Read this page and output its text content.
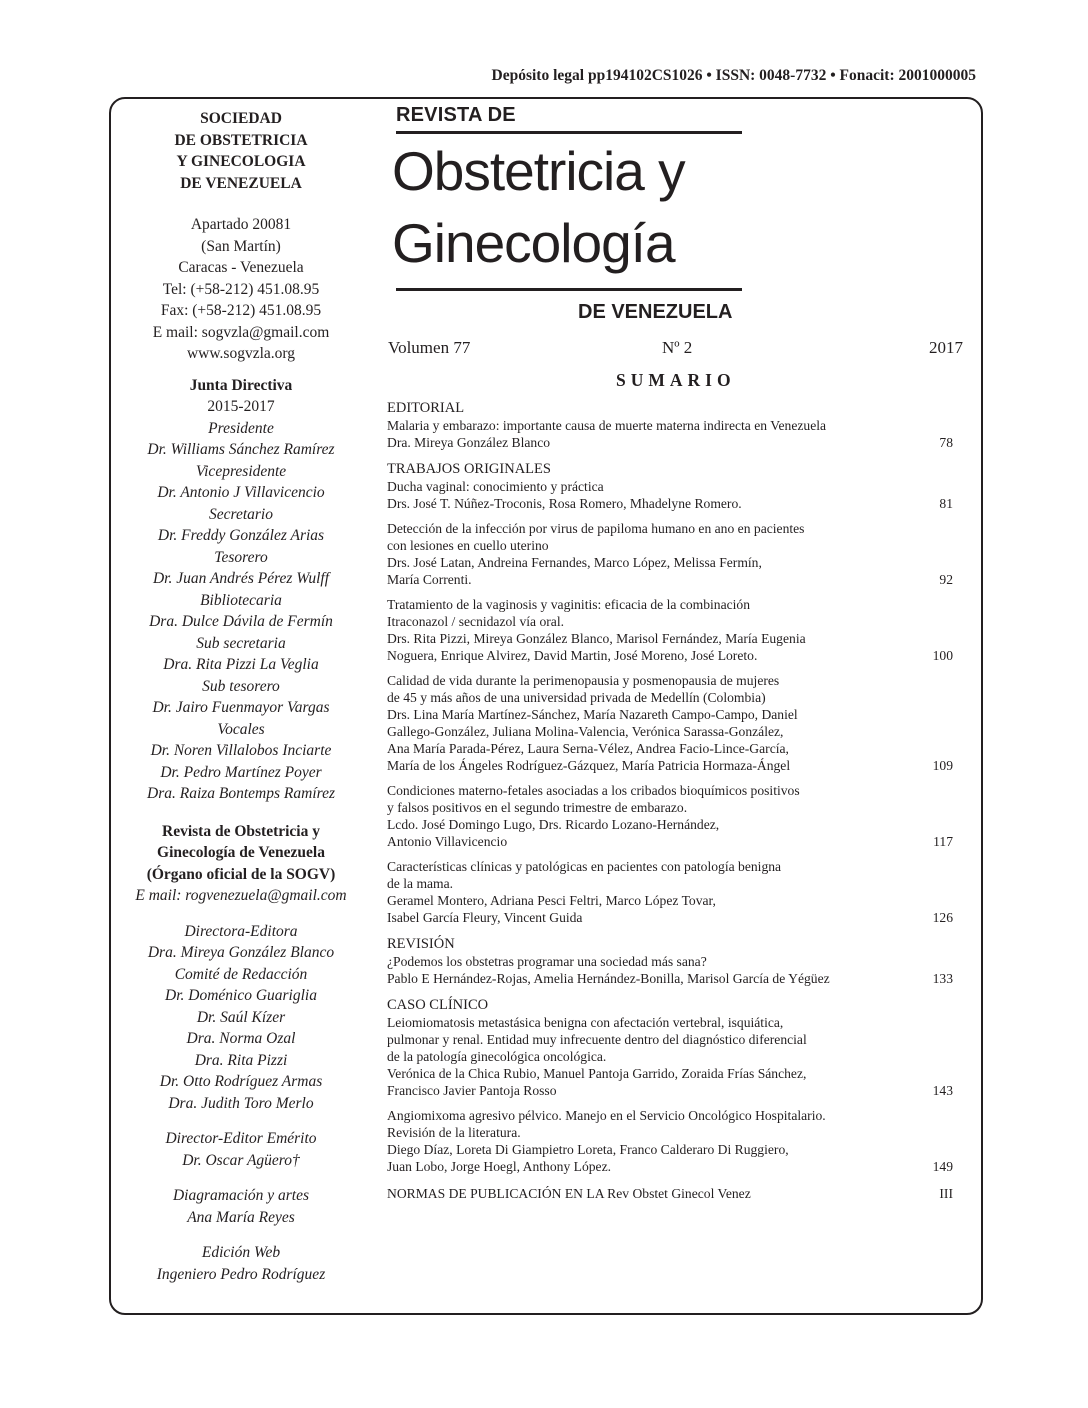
Depósito legal pp194102CS1026 • ISSN: 0048-7732 • Fonacit: 2001000005
SOCIEDAD
DE OBSTETRICIA
Y GINECOLOGIA
DE VENEZUELA
Apartado 20081
(San Martín)
Caracas - Venezuela
Tel: (+58-212) 451.08.95
Fax: (+58-212) 451.08.95
E mail: sogvzla@gmail.com
www.sogvzla.org
Junta Directiva
2015-2017
Presidente
Dr. Williams Sánchez Ramírez
Vicepresidente
Dr. Antonio J Villavicencio
Secretario
Dr. Freddy González Arias
Tesorero
Dr. Juan Andrés Pérez Wulff
Bibliotecaria
Dra. Dulce Dávila de Fermín
Sub secretaria
Dra. Rita Pizzi La Veglia
Sub tesorero
Dr. Jairo Fuenmayor Vargas
Vocales
Dr. Noren Villalobos Inciarte
Dr. Pedro Martínez Poyer
Dra. Raiza Bontemps Ramírez
Revista de Obstetricia y
Ginecología de Venezuela
(Órgano oficial de la SOGV)
E mail: rogvenezuela@gmail.com
Directora-Editora
Dra. Mireya González Blanco
Comité de Redacción
Dr. Doménico Guariglia
Dr. Saúl Kízer
Dra. Norma Ozal
Dra. Rita Pizzi
Dr. Otto Rodríguez Armas
Dra. Judith Toro Merlo
Director-Editor Emérito
Dr. Oscar Agüero†
Diagramación y artes
Ana María Reyes
Edición Web
Ingeniero Pedro Rodríguez
REVISTA DE
Obstetricia y
Ginecología
DE VENEZUELA
Volumen 77	Nº 2	2017
SUMARIO
EDITORIAL
Malaria y embarazo: importante causa de muerte materna indirecta en Venezuela
Dra. Mireya González Blanco	78
TRABAJOS ORIGINALES
Ducha vaginal: conocimiento y práctica
Drs. José T. Núñez-Troconis, Rosa Romero, Mhadelyne Romero.	81
Detección de la infección por virus de papiloma humano en ano en pacientes
con lesiones en cuello uterino
Drs. José Latan, Andreina Fernandes, Marco López, Melissa Fermín,
María Correnti.	92
Tratamiento de la vaginosis y vaginitis: eficacia de la combinación
Itraconazol / secnidazol vía oral.
Drs. Rita Pizzi, Mireya González Blanco, Marisol Fernández, María Eugenia
Noguera, Enrique Alvirez, David Martin, José Moreno, José Loreto.	100
Calidad de vida durante la perimenopausia y posmenopausia de mujeres
de 45 y más años de una universidad privada de Medellín (Colombia)
Drs. Lina María Martínez-Sánchez, María Nazareth Campo-Campo, Daniel
Gallego-González, Juliana Molina-Valencia, Verónica Sarassa-González,
Ana María Parada-Pérez, Laura Serna-Vélez, Andrea Facio-Lince-García,
María de los Ángeles Rodríguez-Gázquez, María Patricia Hormaza-Ángel	109
Condiciones materno-fetales asociadas a los cribados bioquímicos positivos
y falsos positivos en el segundo trimestre de embarazo.
Lcdo. José Domingo Lugo, Drs. Ricardo Lozano-Hernández,
Antonio Villavicencio	117
Características clínicas y patológicas en pacientes con patología benigna
de la mama.
Geramel Montero, Adriana Pesci Feltri, Marco López Tovar,
Isabel García Fleury, Vincent Guida	126
REVISIÓN
¿Podemos los obstetras programar una sociedad más sana?
Pablo E Hernández-Rojas, Amelia Hernández-Bonilla, Marisol García de Yégüez	133
CASO CLÍNICO
Leiomiomatosis metastásica benigna con afectación vertebral, isquiática,
pulmonar y renal. Entidad muy infrecuente dentro del diagnóstico diferencial
de la patología ginecológica oncológica.
Verónica de la Chica Rubio, Manuel Pantoja Garrido, Zoraida Frías Sánchez,
Francisco Javier Pantoja Rosso	143
Angiomixoma agresivo pélvico. Manejo en el Servicio Oncológico Hospitalario.
Revisión de la literatura.
Diego Díaz, Loreta Di Giampietro Loreta, Franco Calderaro Di Ruggiero,
Juan Lobo, Jorge Hoegl, Anthony López.	149
NORMAS DE PUBLICACIÓN EN LA Rev Obstet Ginecol Venez	III
